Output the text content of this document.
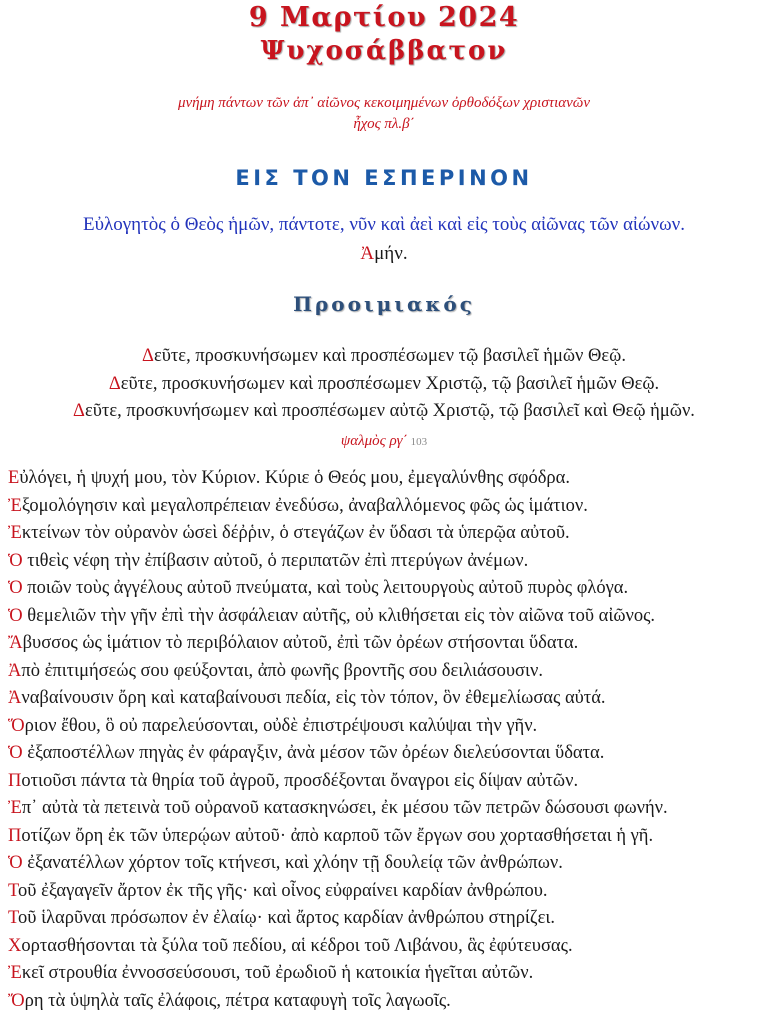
9 Μαρτίου 2024
Ψυχοσάββατον
μνήμη πάντων τῶν ἀπ᾽ αἰῶνος κεκοιμημένων ὀρθοδόξων χριστιανῶν
ἦχος πλ.β΄
ΕΙΣ ΤΟΝ ΕΣΠΕΡΙΝΟΝ
Εὐλογητὸς ὁ Θεὸς ἡμῶν, πάντοτε, νῦν καὶ ἀεὶ καὶ εἰς τοὺς αἰῶνας τῶν αἰώνων.
Ἀμήν.
Προοιμιακός
Δεῦτε, προσκυνήσωμεν καὶ προσπέσωμεν τῷ βασιλεῖ ἡμῶν Θεῷ.
Δεῦτε, προσκυνήσωμεν καὶ προσπέσωμεν Χριστῷ, τῷ βασιλεῖ ἡμῶν Θεῷ.
Δεῦτε, προσκυνήσωμεν καὶ προσπέσωμεν αὐτῷ Χριστῷ, τῷ βασιλεῖ καὶ Θεῷ ἡμῶν.
ψαλμὸς ργ΄ 103
Εὐλόγει, ἡ ψυχή μου, τὸν Κύριον. Κύριε ὁ Θεός μου, ἐμεγαλύνθης σφόδρα.
Ἐξομολόγησιν καὶ μεγαλοπρέπειαν ἐνεδύσω, ἀναβαλλόμενος φῶς ὡς ἱμάτιον.
Ἐκτείνων τὸν οὐρανὸν ὡσεὶ δέῤῥιν, ὁ στεγάζων ἐν ὕδασι τὰ ὑπερῷα αὐτοῦ.
Ὁ τιθεὶς νέφη τὴν ἐπίβασιν αὐτοῦ, ὁ περιπατῶν ἐπὶ πτερύγων ἀνέμων.
Ὁ ποιῶν τοὺς ἀγγέλους αὐτοῦ πνεύματα, καὶ τοὺς λειτουργοὺς αὐτοῦ πυρὸς φλόγα.
Ὁ θεμελιῶν τὴν γῆν ἐπὶ τὴν ἀσφάλειαν αὐτῆς, οὐ κλιθήσεται εἰς τὸν αἰῶνα τοῦ αἰῶνος.
Ἄβυσσος ὡς ἱμάτιον τὸ περιβόλαιον αὐτοῦ, ἐπὶ τῶν ὀρέων στήσονται ὕδατα.
Ἀπὸ ἐπιτιμήσεώς σου φεύξονται, ἀπὸ φωνῆς βροντῆς σου δειλιάσουσιν.
Ἀναβαίνουσιν ὄρη καὶ καταβαίνουσι πεδία, εἰς τὸν τόπον, ὃν ἐθεμελίωσας αὐτά.
Ὅριον ἔθου, ὃ οὐ παρελεύσονται, οὐδὲ ἐπιστρέψουσι καλύψαι τὴν γῆν.
Ὁ ἐξαποστέλλων πηγὰς ἐν φάραγξιν, ἀνὰ μέσον τῶν ὀρέων διελεύσονται ὕδατα.
Ποτιοῦσι πάντα τὰ θηρία τοῦ ἀγροῦ, προσδέξονται ὄναγροι εἰς δίψαν αὐτῶν.
Ἐπ᾽ αὐτὰ τὰ πετεινὰ τοῦ οὐρανοῦ κατασκηνώσει, ἐκ μέσου τῶν πετρῶν δώσουσι φωνήν.
Ποτίζων ὄρη ἐκ τῶν ὑπερῴων αὐτοῦ· ἀπὸ καρποῦ τῶν ἔργων σου χορτασθήσεται ἡ γῆ.
Ὁ ἐξανατέλλων χόρτον τοῖς κτήνεσι, καὶ χλόην τῇ δουλείᾳ τῶν ἀνθρώπων.
Τοῦ ἐξαγαγεῖν ἄρτον ἐκ τῆς γῆς· καὶ οἶνος εὐφραίνει καρδίαν ἀνθρώπου.
Τοῦ ἱλαρῦναι πρόσωπον ἐν ἐλαίῳ· καὶ ἄρτος καρδίαν ἀνθρώπου στηρίζει.
Χορτασθήσονται τὰ ξύλα τοῦ πεδίου, αἱ κέδροι τοῦ Λιβάνου, ἃς ἐφύτευσας.
Ἐκεῖ στρουθία ἐννοσσεύσουσι, τοῦ ἐρωδιοῦ ἡ κατοικία ἡγεῖται αὐτῶν.
Ὄρη τὰ ὑψηλὰ ταῖς ἐλάφοις, πέτρα καταφυγὴ τοῖς λαγωοῖς.
